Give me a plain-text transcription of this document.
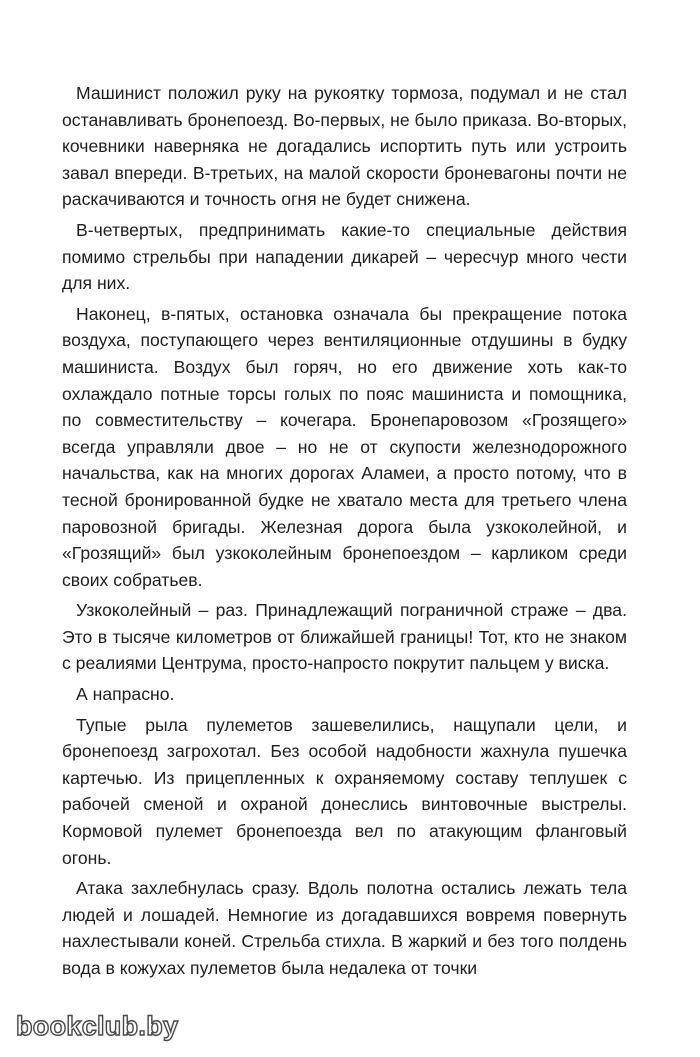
Машинист положил руку на рукоятку тормоза, подумал и не стал останавливать бронепоезд. Во-первых, не было приказа. Во-вторых, кочевники наверняка не догадались испортить путь или устроить завал впереди. В-третьих, на малой скорости броневагоны почти не раскачиваются и точность огня не будет снижена.

В-четвертых, предпринимать какие-то специальные действия помимо стрельбы при нападении дикарей – чересчур много чести для них.

Наконец, в-пятых, остановка означала бы прекращение потока воздуха, поступающего через вентиляционные отдушины в будку машиниста. Воздух был горяч, но его движение хоть как-то охлаждало потные торсы голых по пояс машиниста и помощника, по совместительству – кочегара. Бронепаровозом «Грозящего» всегда управляли двое – но не от скупости железнодорожного начальства, как на многих дорогах Аламеи, а просто потому, что в тесной бронированной будке не хватало места для третьего члена паровозной бригады. Железная дорога была узкоколейной, и «Грозящий» был узкоколейным бронепоездом – карликом среди своих собратьев.

Узкоколейный – раз. Принадлежащий пограничной страже – два. Это в тысяче километров от ближайшей границы! Тот, кто не знаком с реалиями Центрума, просто-напросто покрутит пальцем у виска.

А напрасно.

Тупые рыла пулеметов зашевелились, нащупали цели, и бронепоезд загрохотал. Без особой надобности жахнула пушечка картечью. Из прицепленных к охраняемому составу теплушек с рабочей сменой и охраной донеслись винтовочные выстрелы. Кормовой пулемет бронепоезда вел по атакующим фланговый огонь.

Атака захлебнулась сразу. Вдоль полотна остались лежать тела людей и лошадей. Немногие из догадавшихся вовремя повернуть нахлестывали коней. Стрельба стихла. В жаркий и без того полдень вода в кожухах пулеметов была недалека от точки

bookclub.by
